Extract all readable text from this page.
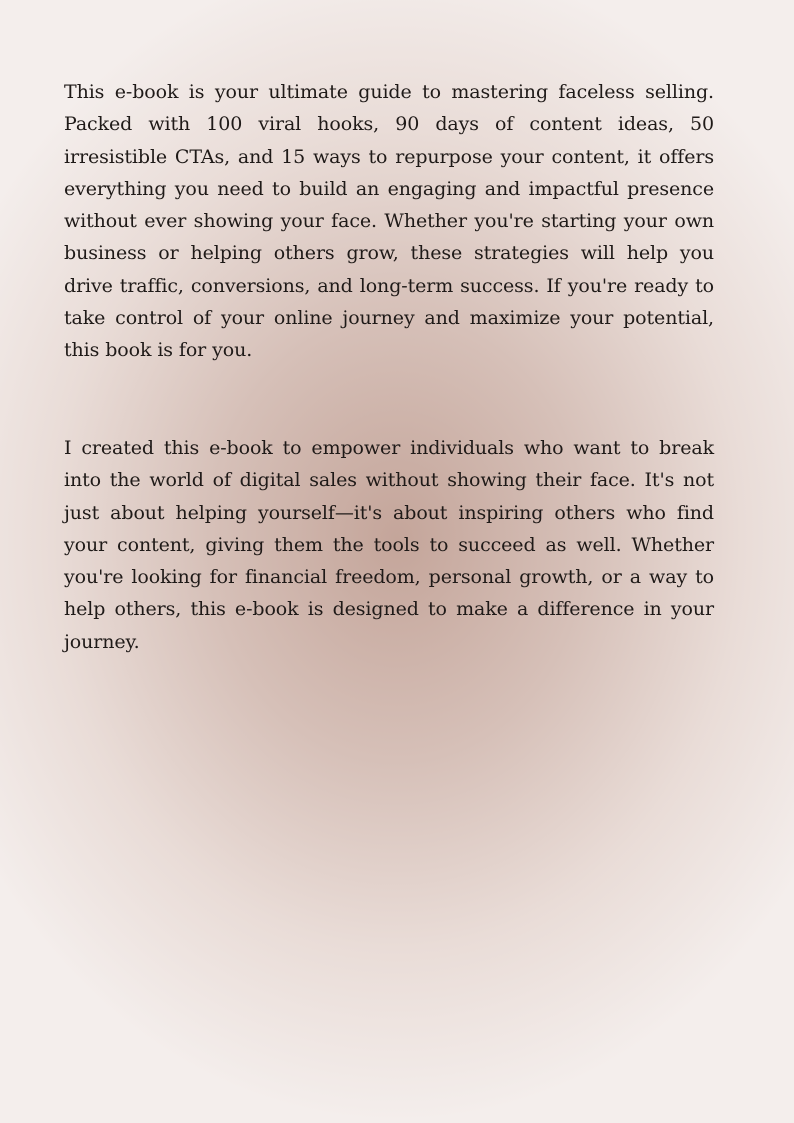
This e-book is your ultimate guide to mastering faceless selling. Packed with 100 viral hooks, 90 days of content ideas, 50 irresistible CTAs, and 15 ways to repurpose your content, it offers everything you need to build an engaging and impactful presence without ever showing your face. Whether you're starting your own business or helping others grow, these strategies will help you drive traffic, conversions, and long-term success. If you're ready to take control of your online journey and maximize your potential, this book is for you.

I created this e-book to empower individuals who want to break into the world of digital sales without showing their face. It's not just about helping yourself—it's about inspiring others who find your content, giving them the tools to succeed as well. Whether you're looking for financial freedom, personal growth, or a way to help others, this e-book is designed to make a difference in your journey.
